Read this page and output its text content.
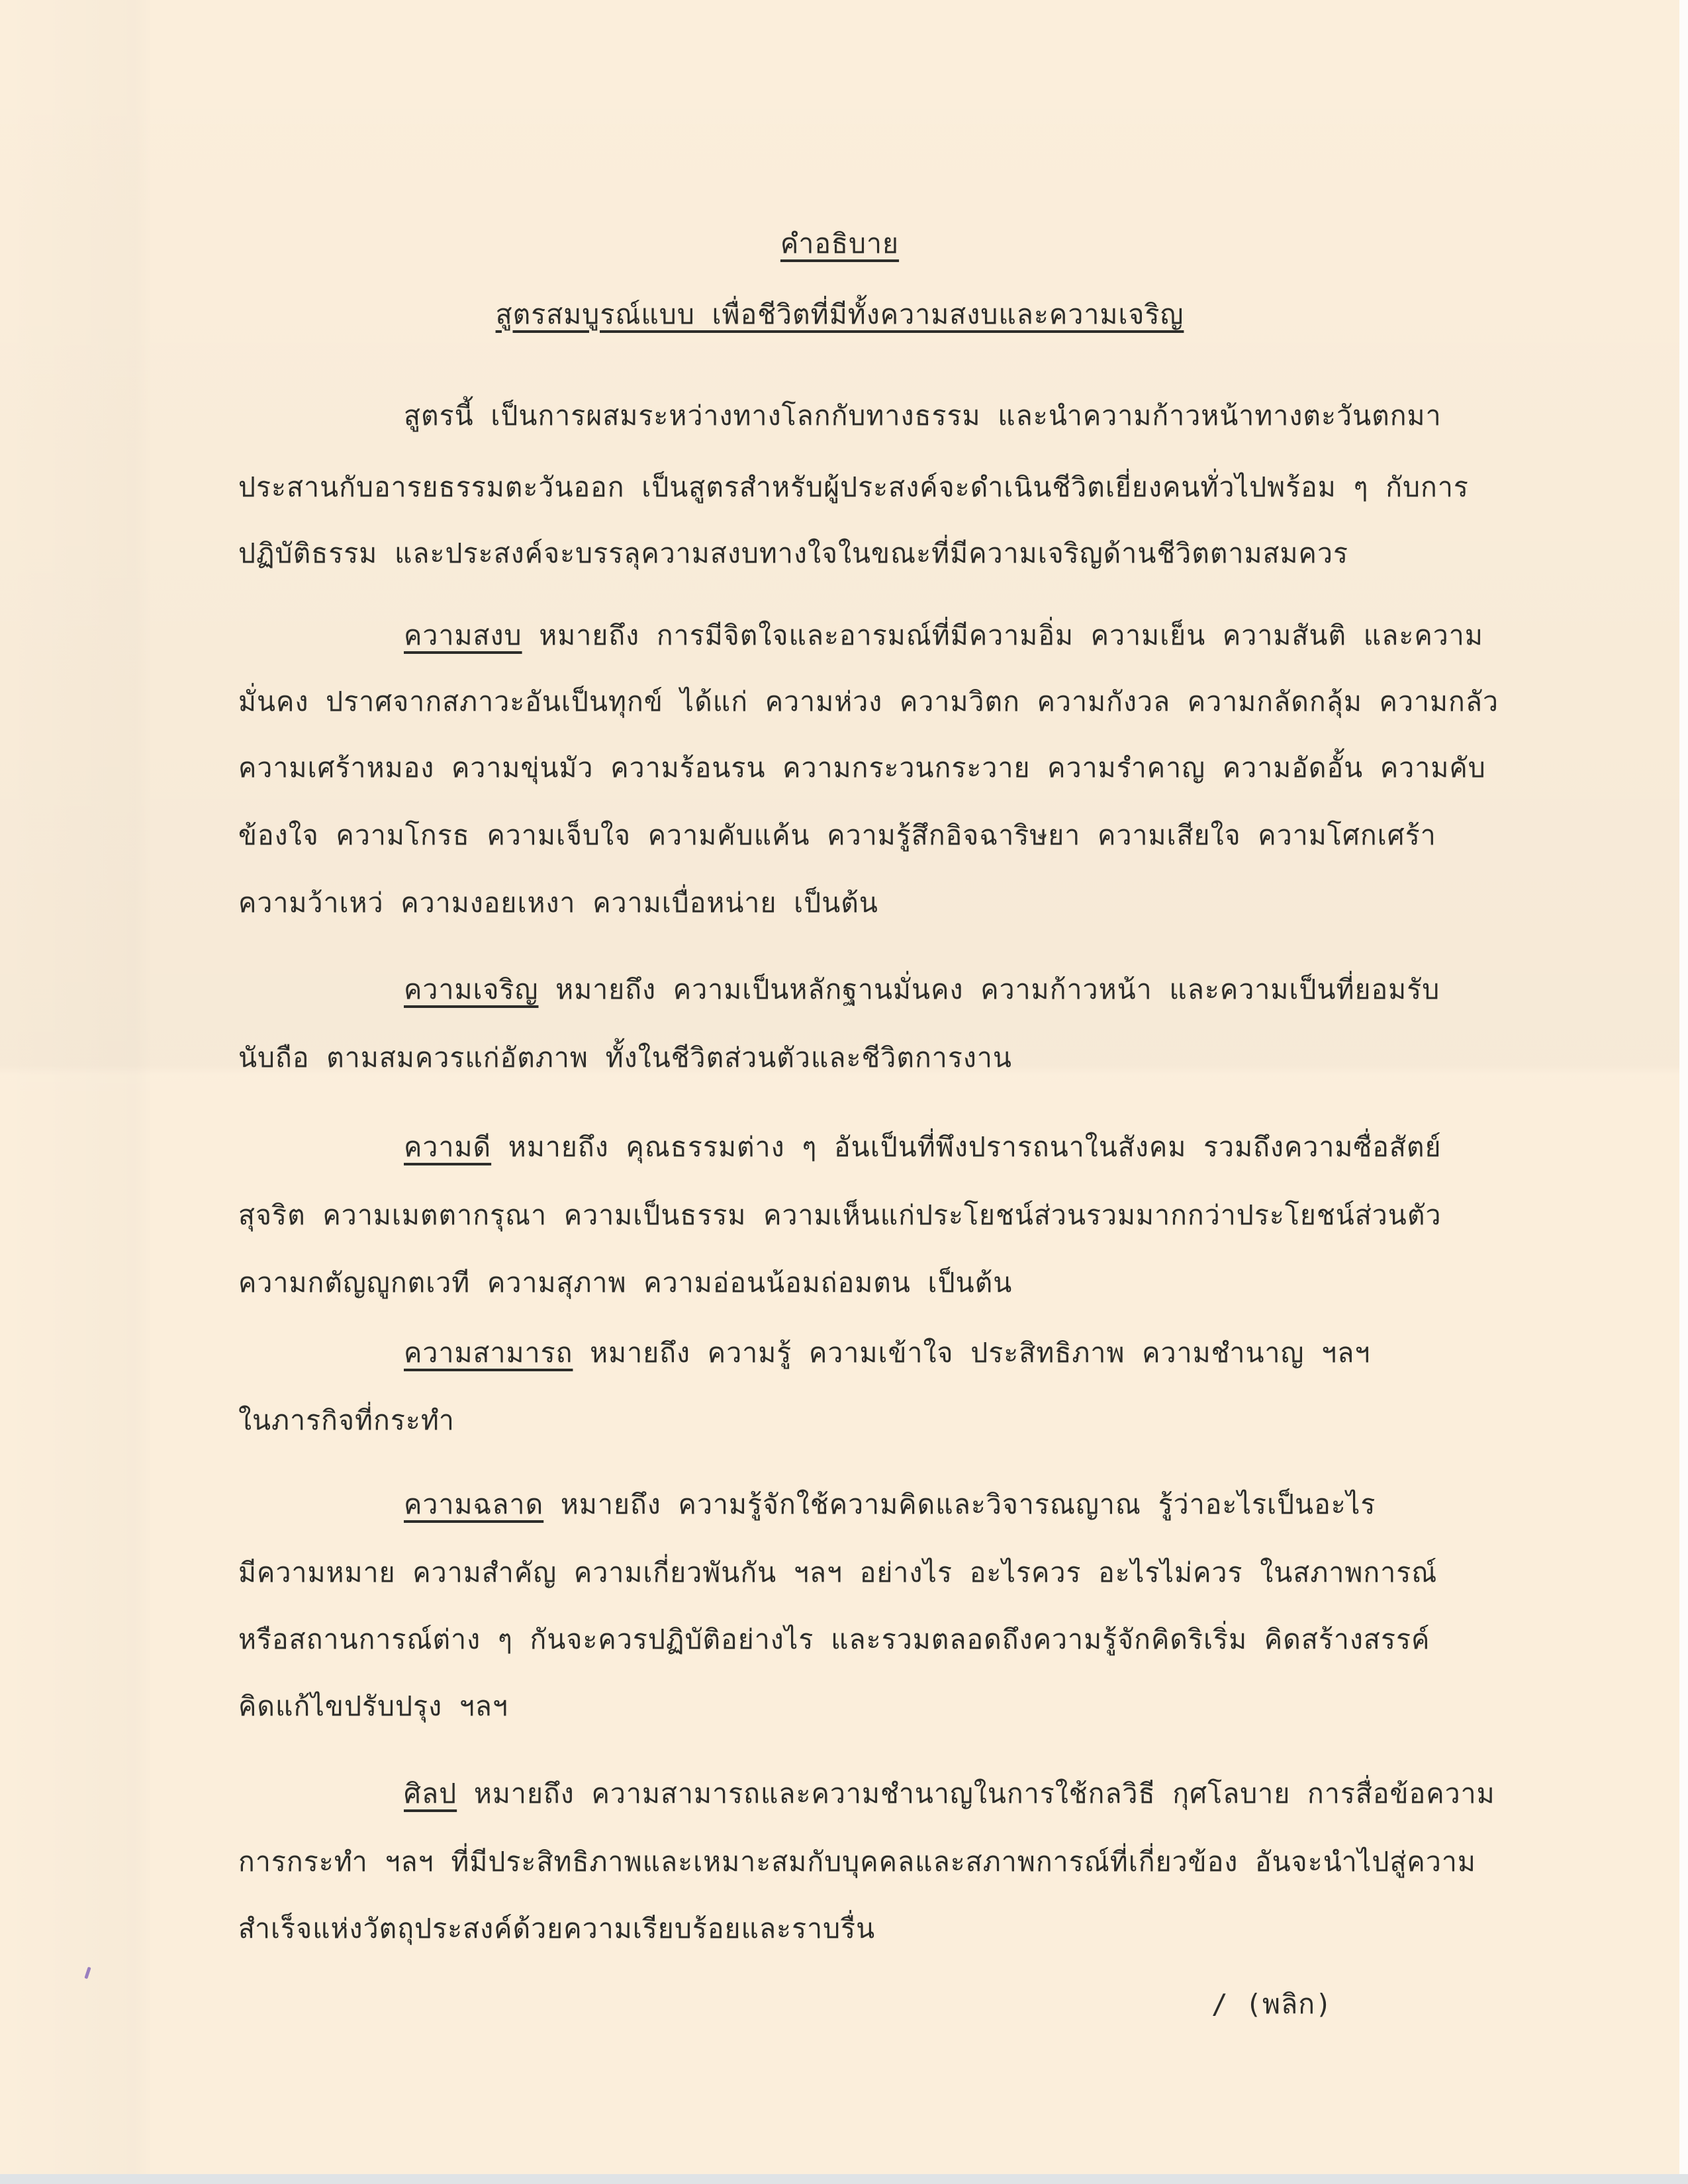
คำอธิบาย
สูตรสมบูรณ์แบบ เพื่อชีวิตที่มีทั้งความสงบและความเจริญ
สูตรนี้ เป็นการผสมระหว่างทางโลกกับทางธรรม และนำความก้าวหน้าทางตะวันตกมา
ประสานกับอารยธรรมตะวันออก เป็นสูตรสำหรับผู้ประสงค์จะดำเนินชีวิตเยี่ยงคนทั่วไปพร้อม ๆ กับการ
ปฏิบัติธรรม และประสงค์จะบรรลุความสงบทางใจในขณะที่มีความเจริญด้านชีวิตตามสมควร
ความสงบ หมายถึง การมีจิตใจและอารมณ์ที่มีความอิ่ม ความเย็น ความสันติ และความ
มั่นคง ปราศจากสภาวะอันเป็นทุกข์ ได้แก่ ความห่วง ความวิตก ความกังวล ความกลัดกลุ้ม ความกลัว
ความเศร้าหมอง ความขุ่นมัว ความร้อนรน ความกระวนกระวาย ความรำคาญ ความอัดอั้น ความคับ
ข้องใจ ความโกรธ ความเจ็บใจ ความคับแค้น ความรู้สึกอิจฉาริษยา ความเสียใจ ความโศกเศร้า
ความว้าเหว่ ความงอยเหงา ความเบื่อหน่าย เป็นต้น
ความเจริญ หมายถึง ความเป็นหลักฐานมั่นคง ความก้าวหน้า และความเป็นที่ยอมรับ
นับถือ ตามสมควรแก่อัตภาพ ทั้งในชีวิตส่วนตัวและชีวิตการงาน
ความดี หมายถึง คุณธรรมต่าง ๆ อันเป็นที่พึงปรารถนาในสังคม รวมถึงความซื่อสัตย์
สุจริต ความเมตตากรุณา ความเป็นธรรม ความเห็นแก่ประโยชน์ส่วนรวมมากกว่าประโยชน์ส่วนตัว
ความกตัญญูกตเวที ความสุภาพ ความอ่อนน้อมถ่อมตน เป็นต้น
ความสามารถ หมายถึง ความรู้ ความเข้าใจ ประสิทธิภาพ ความชำนาญ ฯลฯ
ในภารกิจที่กระทำ
ความฉลาด หมายถึง ความรู้จักใช้ความคิดและวิจารณญาณ รู้ว่าอะไรเป็นอะไร
มีความหมาย ความสำคัญ ความเกี่ยวพันกัน ฯลฯ อย่างไร อะไรควร อะไรไม่ควร ในสภาพการณ์
หรือสถานการณ์ต่าง ๆ กันจะควรปฏิบัติอย่างไร และรวมตลอดถึงความรู้จักคิดริเริ่ม คิดสร้างสรรค์
คิดแก้ไขปรับปรุง ฯลฯ
ศิลป หมายถึง ความสามารถและความชำนาญในการใช้กลวิธี กุศโลบาย การสื่อข้อความ
การกระทำ ฯลฯ ที่มีประสิทธิภาพและเหมาะสมกับบุคคลและสภาพการณ์ที่เกี่ยวข้อง อันจะนำไปสู่ความ
สำเร็จแห่งวัตถุประสงค์ด้วยความเรียบร้อยและราบรื่น
/ (พลิก)
